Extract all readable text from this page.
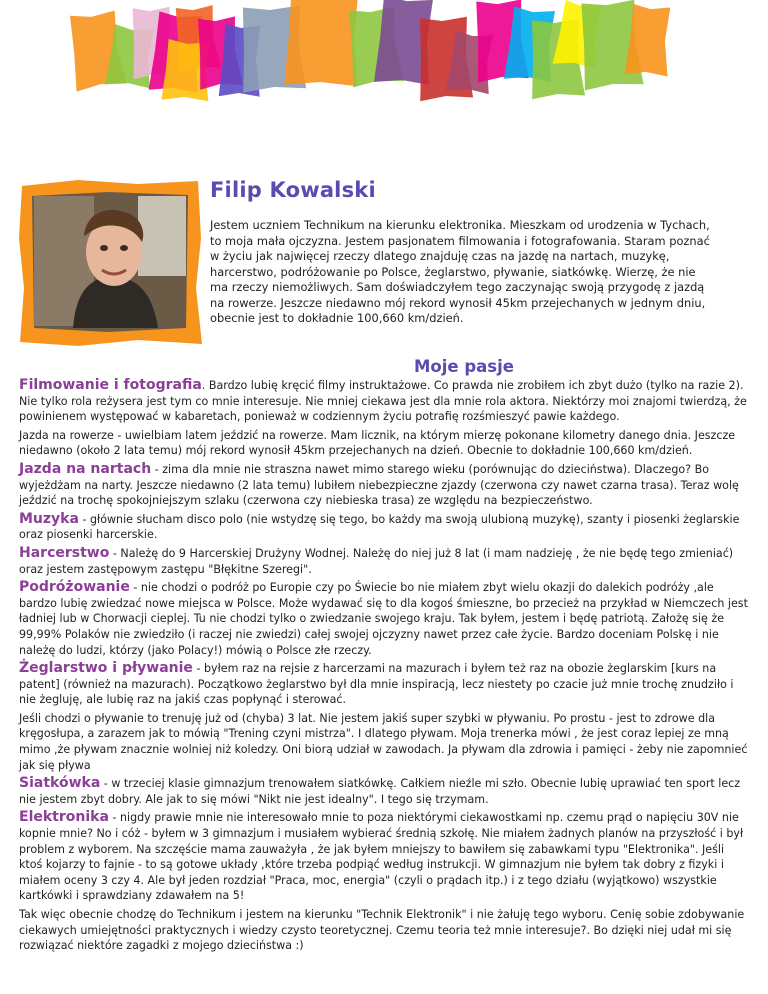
Filip Kowalski

Jestem uczniem Technikum na kierunku elektronika. Mieszkam od urodzenia w Tychach, to moja mała ojczyzna. Jestem pasjonatem filmowania i fotografowania. Staram poznać w życiu jak najwięcej rzeczy dlatego znajduję czas na jazdę na nartach, muzykę, harcerstwo, podróżowanie po Polsce, żeglarstwo, pływanie, siatkówkę. Wierzę, że nie ma rzeczy niemożliwych. Sam doświadczyłem tego zaczynając swoją przygodę z jazdą na rowerze. Jeszcze niedawno mój rekord wynosił 45km przejechanych w jednym dniu, obecnie jest to dokładnie 100,660 km/dzień.

Moje pasje

Filmowanie i fotografia. Bardzo lubię kręcić filmy instruktażowe. Co prawda nie zrobiłem ich zbyt dużo (tylko na razie 2). Nie tylko rola reżysera jest tym co mnie interesuje. Nie mniej ciekawa jest dla mnie rola aktora. Niektórzy moi znajomi twierdzą, że powinienem występować w kabaretach, ponieważ w codziennym życiu potrafię rozśmieszyć pawie każdego.

Jazda na rowerze - uwielbiam latem jeździć na rowerze. Mam licznik, na którym mierzę pokonane kilometry danego dnia. Jeszcze niedawno (około 2 lata temu) mój rekord wynosił 45km przejechanych na dzień. Obecnie to dokładnie 100,660 km/dzień.

Jazda na nartach - zima dla mnie nie straszna nawet mimo starego wieku (porównując do dzieciństwa). Dlaczego? Bo wyjeżdżam na narty. Jeszcze niedawno (2 lata temu) lubiłem niebezpieczne zjazdy (czerwona czy nawet czarna trasa). Teraz wolę jeździć na trochę spokojniejszym szlaku (czerwona czy niebieska trasa) ze względu na bezpieczeństwo.

Muzyka - głównie słucham disco polo (nie wstydzę się tego, bo każdy ma swoją ulubioną muzykę), szanty i piosenki żeglarskie oraz piosenki harcerskie.

Harcerstwo - Należę do 9 Harcerskiej Drużyny Wodnej. Należę do niej już 8 lat (i mam nadzieję , że nie będę tego zmieniać) oraz jestem zastępowym zastępu "Błękitne Szeregi".

Podróżowanie - nie chodzi o podróż po Europie czy po Świecie bo nie miałem zbyt wielu okazji do dalekich podróży ,ale bardzo lubię zwiedzać nowe miejsca w Polsce. Może wydawać się to dla kogoś śmieszne, bo przecież na przykład w Niemczech jest ładniej lub w Chorwacji cieplej. Tu nie chodzi tylko o zwiedzanie swojego kraju. Tak byłem, jestem i będę patriotą. Założę się że 99,99% Polaków nie zwiedziło (i raczej nie zwiedzi) całej swojej ojczyzny nawet przez całe życie. Bardzo doceniam Polskę i nie należę do ludzi, którzy (jako Polacy!) mówią o Polsce złe rzeczy.

Żeglarstwo i pływanie - byłem raz na rejsie z harcerzami na mazurach i byłem też raz na obozie żeglarskim [kurs na patent] (również na mazurach). Początkowo żeglarstwo był dla mnie inspiracją, lecz niestety po czacie już mnie trochę znudziło i nie żegluję, ale lubię raz na jakiś czas popłynąć i sterować.

Jeśli chodzi o pływanie to trenuję już od (chyba) 3 lat. Nie jestem jakiś super szybki w pływaniu. Po prostu - jest to zdrowe dla kręgosłupa, a zarazem jak to mówią "Trening czyni mistrza". I dlatego pływam. Moja trenerka mówi , że jest coraz lepiej ze mną mimo ,że pływam znacznie wolniej niż koledzy. Oni biorą udział w zawodach. Ja pływam dla zdrowia i pamięci - żeby nie zapomnieć jak się pływa

Siatkówka - w trzeciej klasie gimnazjum trenowałem siatkówkę. Całkiem nieźle mi szło. Obecnie lubię uprawiać ten sport lecz nie jestem zbyt dobry. Ale jak to się mówi "Nikt nie jest idealny". I tego się trzymam.

Elektronika - nigdy prawie mnie nie interesowało mnie to poza niektórymi ciekawostkami np. czemu prąd o napięciu 30V nie kopnie mnie? No i cóż - byłem w 3 gimnazjum i musiałem wybierać średnią szkołę. Nie miałem żadnych planów na przyszłość i był problem z wyborem. Na szczęście mama zauważyła , że jak byłem mniejszy to bawiłem się zabawkami typu "Elektronika". Jeśli ktoś kojarzy to fajnie - to są gotowe układy ,które trzeba podpiąć według instrukcji. W gimnazjum nie byłem tak dobry z fizyki i miałem oceny 3 czy 4. Ale był jeden rozdział "Praca, moc, energia" (czyli o prądach itp.) i z tego działu (wyjątkowo) wszystkie kartkówki i sprawdziany zdawałem na 5!

Tak więc obecnie chodzę do Technikum i jestem na kierunku "Technik Elektronik" i nie żałuję tego wyboru. Cenię sobie zdobywanie ciekawych umiejętności praktycznych i wiedzy czysto teoretycznej. Czemu teoria też mnie interesuje?. Bo dzięki niej udał mi się rozwiązać niektóre zagadki z mojego dzieciństwa :)
